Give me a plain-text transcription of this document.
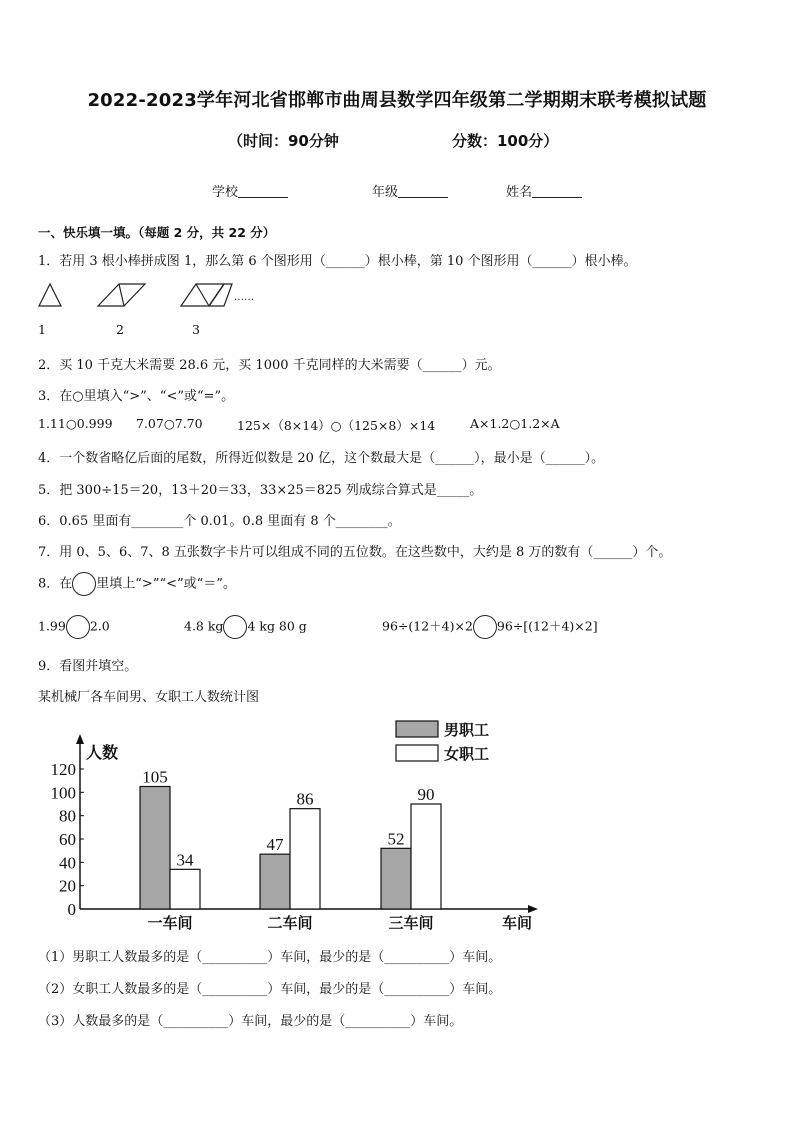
2022-2023学年河北省邯郸市曲周县数学四年级第二学期期末联考模拟试题
（时间：90分钟	分数：100分）
学校	年级	姓名
一、快乐填一填。（每题 2 分，共 22 分）
1．若用 3 根小棒拼成图 1，那么第 6 个图形用（______）根小棒，第 10 个图形用（______）根小棒。
……
1	2	3
2．买 10 千克大米需要 28.6 元，买 1000 千克同样的大米需要（______）元。
3．在○里填入“>”、“<”或“=”。
1.11○0.999 7.07○7.70	125×（8×14）○（125×8）×14	A×1.2○1.2×A
4．一个数省略亿后面的尾数，所得近似数是 20 亿，这个数最大是（______），最小是（______）。
5．把 300÷15＝20，13＋20＝33，33×25＝825 列成综合算式是_____。
6．0.65 里面有________个 0.01。0.8 里面有 8 个________。
7．用 0、5、6、7、8 五张数字卡片可以组成不同的五位数。在这些数中，大约是 8 万的数有（______）个。
8．在 里填上“>”“<”或“＝”。
1.99 2.0	4.8 kg 4 kg 80 g	96÷(12＋4)×2 96÷[(12＋4)×2]
9．看图并填空。
某机械厂各车间男、女职工人数统计图
0
20
40
60
80
100
120
人数
车间
105
34
一车间
47
86
二车间
52
90
三车间
男职工
女职工
（1）男职工人数最多的是（__________）车间，最少的是（__________）车间。
（2）女职工人数最多的是（__________）车间，最少的是（__________）车间。
（3）人数最多的是（__________）车间，最少的是（__________）车间。
